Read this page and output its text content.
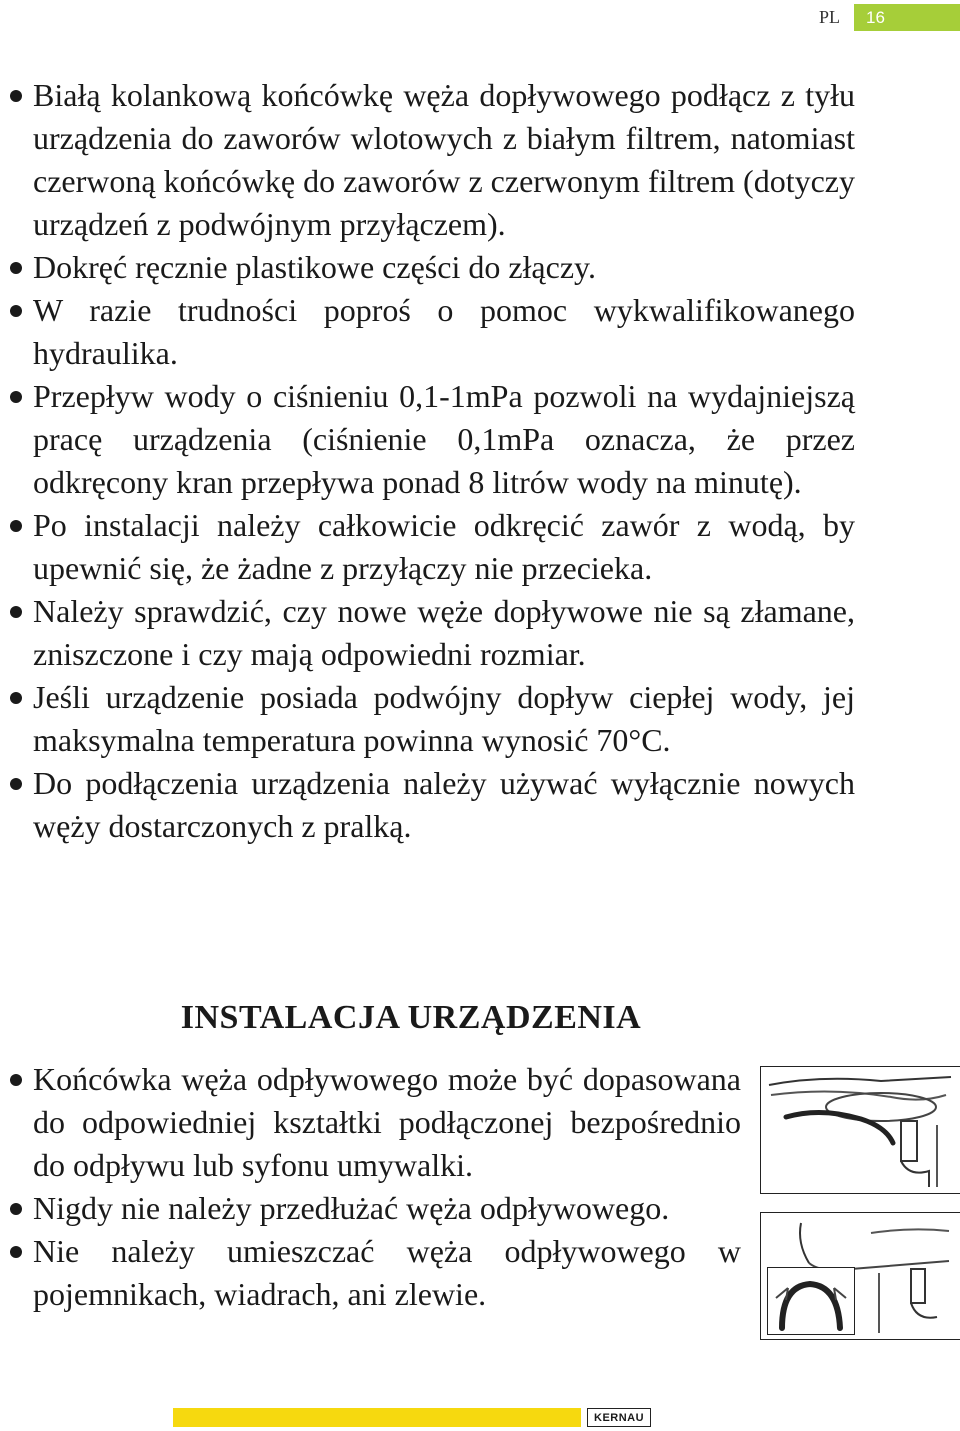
PL	16
Białą kolankową końcówkę węża dopływowego podłącz z tyłu urządzenia do zaworów wlotowych z białym filtrem, natomiast czerwoną końcówkę do zaworów z czerwonym filtrem (dotyczy urządzeń z podwójnym przyłączem).
Dokręć ręcznie plastikowe części do złączy.
W razie trudności poproś o pomoc wykwalifikowanego hydraulika.
Przepływ wody o ciśnieniu 0,1-1mPa pozwoli na wydajniejszą pracę urządzenia (ciśnienie 0,1mPa oznacza, że przez odkręcony kran przepływa ponad 8 litrów wody na minutę).
Po instalacji należy całkowicie odkręcić zawór z wodą, by upewnić się, że żadne z przyłączy nie przecieka.
Należy sprawdzić, czy nowe węże dopływowe nie są złamane, zniszczone i czy mają odpowiedni rozmiar.
Jeśli urządzenie posiada podwójny dopływ ciepłej wody, jej maksymalna temperatura powinna wynosić 70°C.
Do podłączenia urządzenia należy używać wyłącznie nowych węży dostarczonych z pralką.
INSTALACJA URZĄDZENIA
Końcówka węża odpływowego może być dopasowana do odpowiedniej kształtki podłączonej bezpośrednio do odpływu lub syfonu umywalki.
Nigdy nie należy przedłużać węża odpływowego.
Nie należy umieszczać węża odpływowego w pojemnikach, wiadrach, ani zlewie.
KERNAU
